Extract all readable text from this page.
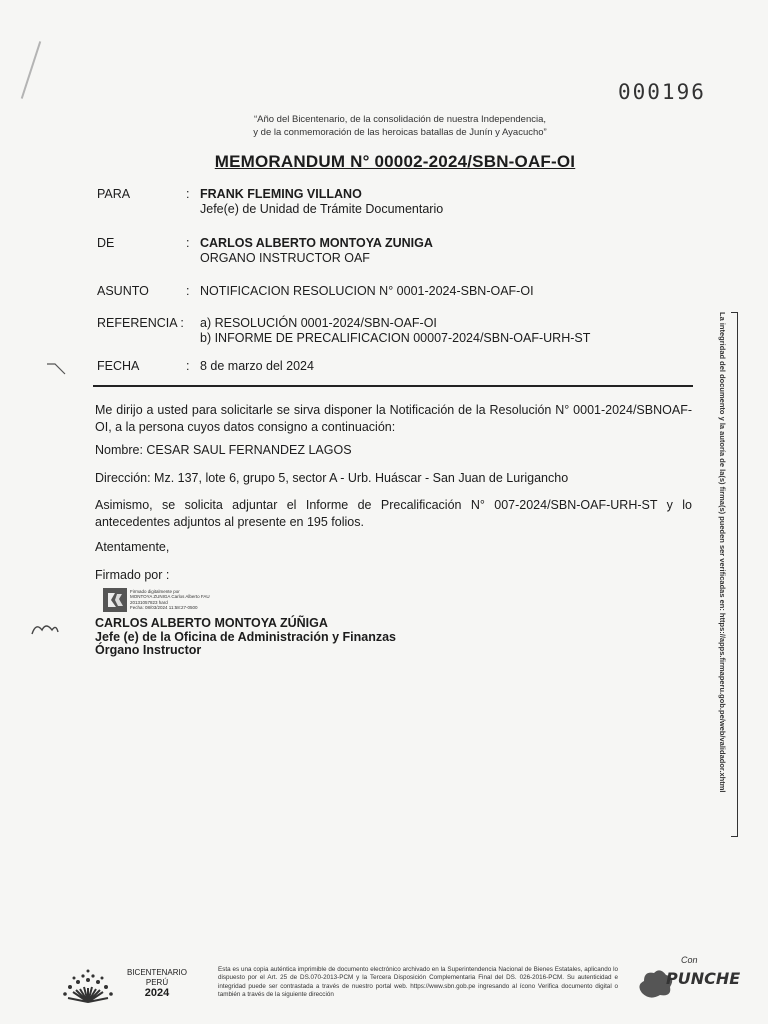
000196
“Año del Bicentenario, de la consolidación de nuestra Independencia,
y de la conmemoración de las heroicas batallas de Junín y Ayacucho”
MEMORANDUM N° 00002-2024/SBN-OAF-OI
PARA	: FRANK FLEMING VILLANO
Jefe(e) de Unidad de Trámite Documentario
DE	: CARLOS ALBERTO MONTOYA ZUNIGA
ORGANO INSTRUCTOR OAF
ASUNTO	: NOTIFICACION RESOLUCION N° 0001-2024-SBN-OAF-OI
REFERENCIA :	a) RESOLUCIÓN 0001-2024/SBN-OAF-OI
b) INFORME DE PRECALIFICACION 00007-2024/SBN-OAF-URH-ST
FECHA	: 8 de marzo del 2024
Me dirijo a usted para solicitarle se sirva disponer la Notificación de la Resolución N° 0001-2024/SBNOAF-OI, a la persona cuyos datos consigno a continuación:
Nombre: CESAR SAUL FERNANDEZ LAGOS
Dirección: Mz. 137, lote 6, grupo 5, sector A - Urb. Huáscar - San Juan de Lurigancho
Asimismo, se solicita adjuntar el Informe de Precalificación N° 007-2024/SBN-OAF-URH-ST y lo antecedentes adjuntos al presente en 195 folios.
Atentamente,
Firmado por :
Firmado digitalmente por
MONTOYA ZUNIGA Carlos Alberto FAU
20131057823 hard
Fecha: 08/03/2024 11:58:27-0500
CARLOS ALBERTO MONTOYA ZÚÑIGA
Jefe (e) de la Oficina de Administración y Finanzas
Órgano Instructor	La integridad del documento y la autoría de la(s) firma(s) pueden ser verificadas en: https://apps.firmaperu.gob.pe/web/validador.xhtml
BICENTENARIO
PERÚ
2024
Esta es una copia auténtica imprimible de documento electrónico archivado en la Superintendencia Nacional de Bienes Estatales, aplicando lo dispuesto por el Art. 25 de DS.070-2013-PCM y la Tercera Disposición Complementaria Final del DS. 026-2016-PCM. Su autenticidad e integridad puede ser contrastada a través de nuestro portal web. https://www.sbn.gob.pe ingresando al ícono Verifica documento digital o también a través de la siguiente dirección
Con
PUNCHE
